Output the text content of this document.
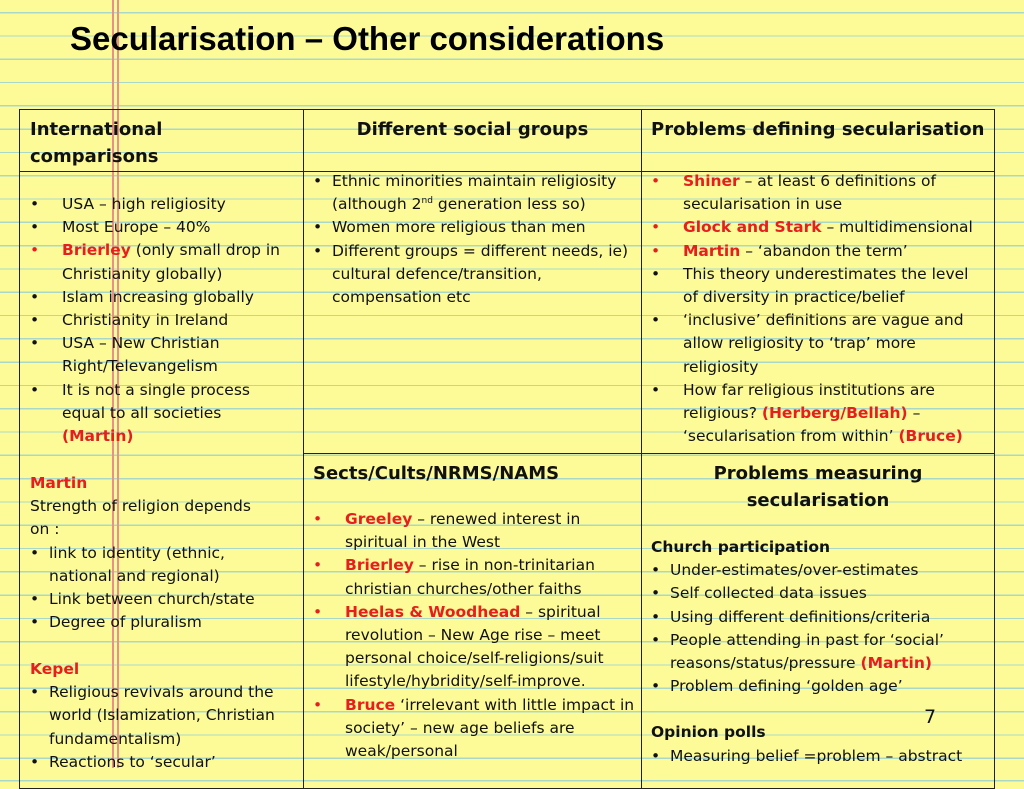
Secularisation – Other considerations
International comparisons
• USA – high religiosity
• Most Europe – 40%
• Brierley (only small drop in Christianity globally)
• Islam increasing globally
• Christianity in Ireland
• USA – New Christian Right/Televangelism
• It is not a single process equal to all societies (Martin)
Martin
Strength of religion depends on :
• link to identity (ethnic, national and regional)
• Link between church/state
• Degree of pluralism
Kepel
• Religious revivals around the world (Islamization, Christian fundamentalism)
• Reactions to ‘secular’
Different social groups
• Ethnic minorities maintain religiosity (although 2nd generation less so)
• Women more religious than men
• Different groups = different needs, ie) cultural defence/transition, compensation etc
Problems defining secularisation
• Shiner – at least 6 definitions of secularisation in use
• Glock and Stark – multidimensional
• Martin – ‘abandon the term’
• This theory underestimates the level of diversity in practice/belief
• ‘inclusive’ definitions are vague and allow religiosity to ‘trap’ more religiosity
• How far religious institutions are religious? (Herberg/Bellah) – ‘secularisation from within’ (Bruce)
Sects/Cults/NRMS/NAMS
• Greeley – renewed interest in spiritual in the West
• Brierley – rise in non-trinitarian christian churches/other faiths
• Heelas & Woodhead – spiritual revolution – New Age rise – meet personal choice/self-religions/suit lifestyle/hybridity/self-improve.
• Bruce ‘irrelevant with little impact in society’ – new age beliefs are weak/personal
Problems measuring secularisation
Church participation
• Under-estimates/over-estimates
• Self collected data issues
• Using different definitions/criteria
• People attending in past for ‘social’ reasons/status/pressure (Martin)
• Problem defining ‘golden age’
Opinion polls
• Measuring belief =problem – abstract
7
